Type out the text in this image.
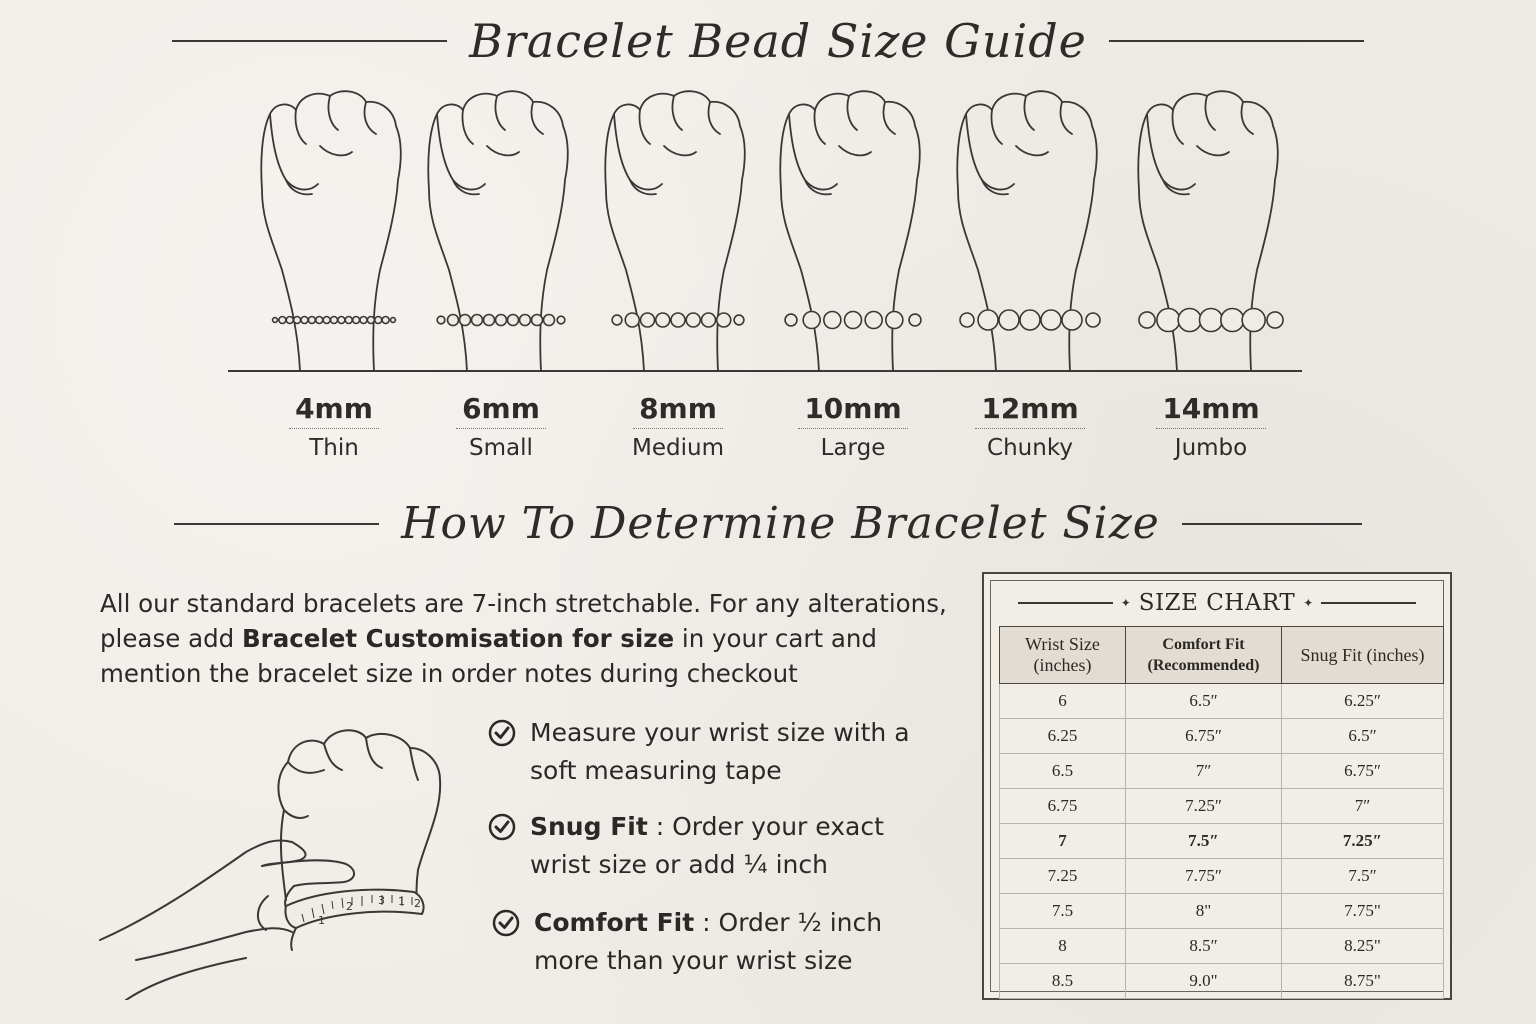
Bracelet Bead Size Guide
4mm
Thin
6mm
Small
8mm
Medium
10mm
Large
12mm
Chunky
14mm
Jumbo
How To Determine Bracelet Size
All our standard bracelets are 7-inch stretchable. For any alterations, please add Bracelet Customisation for size in your cart and mention the bracelet size in order notes during checkout
1
2 3 1 2
Measure your wrist size with a soft measuring tape
Snug Fit : Order your exact wrist size or add ¼ inch
Comfort Fit : Order ½ inch more than your wrist size
✦ SIZE CHART ✦
Wrist Size (inches)	Comfort Fit (Recommended)	Snug Fit (inches)
6	6.5″	6.25″
6.25	6.75″	6.5″
6.5	7″	6.75″
6.75	7.25″	7″
7	7.5″	7.25″
7.25	7.75″	7.5″
7.5	8"	7.75"
8	8.5″	8.25"
8.5	9.0"	8.75"
